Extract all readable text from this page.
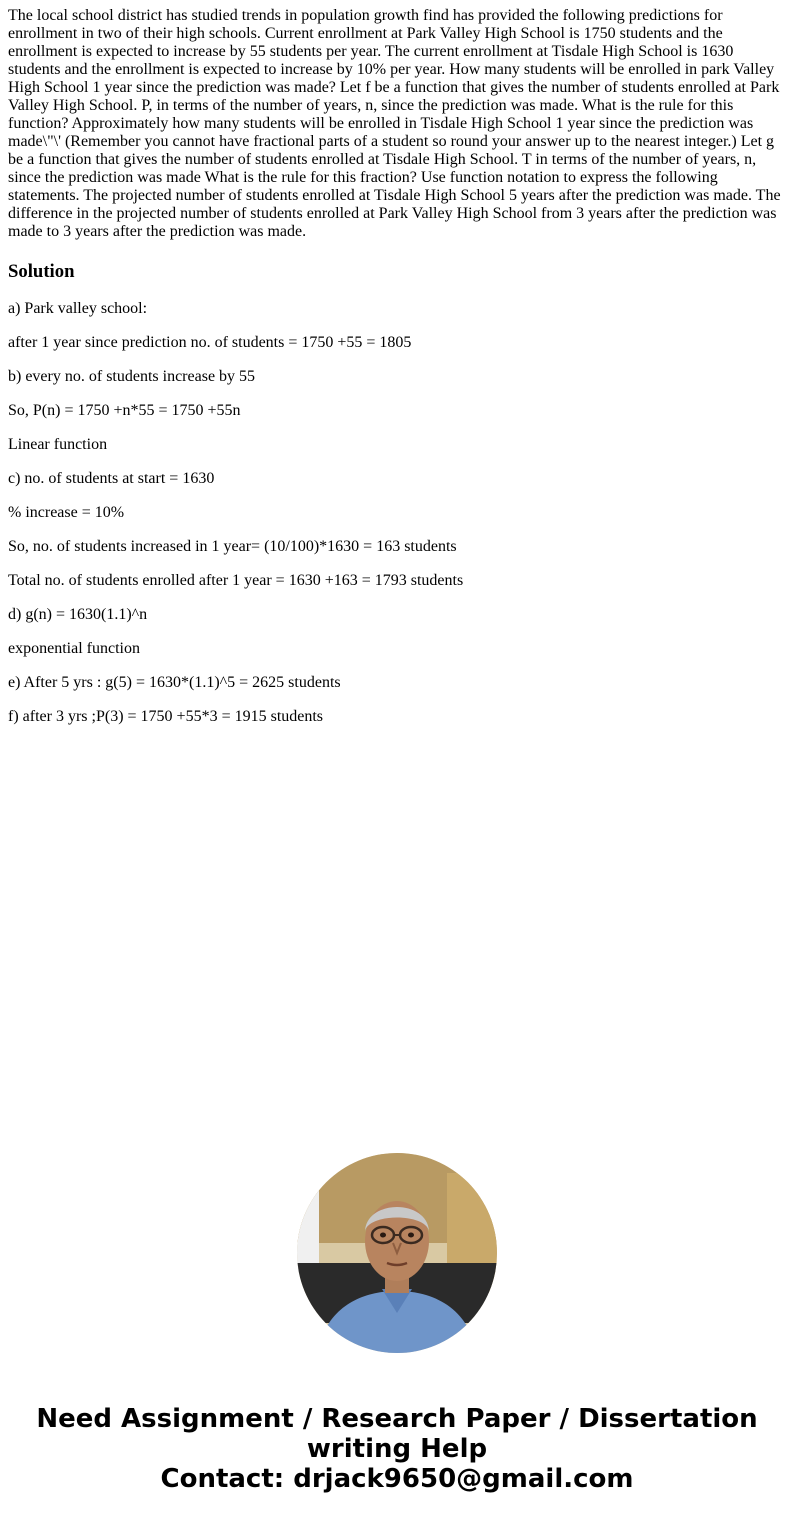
The local school district has studied trends in population growth find has provided the following predictions for enrollment in two of their high schools. Current enrollment at Park Valley High School is 1750 students and the enrollment is expected to increase by 55 students per year. The current enrollment at Tisdale High School is 1630 students and the enrollment is expected to increase by 10% per year. How many students will be enrolled in park Valley High School 1 year since the prediction was made? Let f be a function that gives the number of students enrolled at Park Valley High School. P, in terms of the number of years, n, since the prediction was made. What is the rule for this function? Approximately how many students will be enrolled in Tisdale High School 1 year since the prediction was made\"\' (Remember you cannot have fractional parts of a student so round your answer up to the nearest integer.) Let g be a function that gives the number of students enrolled at Tisdale High School. T in terms of the number of years, n, since the prediction was made What is the rule for this fraction? Use function notation to express the following statements. The projected number of students enrolled at Tisdale High School 5 years after the prediction was made. The difference in the projected number of students enrolled at Park Valley High School from 3 years after the prediction was made to 3 years after the prediction was made.

Solution

a) Park valley school:

after 1 year since prediction no. of students = 1750 +55 = 1805

b) every no. of students increase by 55

So, P(n) = 1750 +n*55 = 1750 +55n

Linear function

c) no. of students at start = 1630

% increase = 10%

So, no. of students increased in 1 year= (10/100)*1630 = 163 students

Total no. of students enrolled after 1 year = 1630 +163 = 1793 students

d) g(n) = 1630(1.1)^n

exponential function

e) After 5 yrs : g(5) = 1630*(1.1)^5 = 2625 students

f) after 3 yrs ;P(3) = 1750 +55*3 = 1915 students

Need Assignment / Research Paper / Dissertation
writing Help
Contact: drjack9650@gmail.com
